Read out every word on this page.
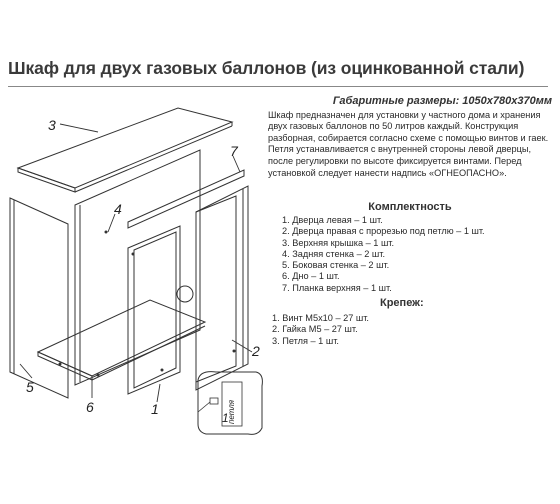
Шкаф для двух газовых баллонов (из оцинкованной стали)
3
4
7
2
5
6	1	петля
1
Габаритные размеры: 1050х780х370мм

Шкаф предназначен для установки у частного дома и хранения двух газовых баллонов по 50 литров каждый. Конструкция разборная, собирается согласно схеме с помощью винтов и гаек. Петля устанавливается с внутренней стороны левой дверцы, после регулировки по высоте фиксируется винтами. Перед установкой следует нанести надпись «ОГНЕОПАСНО».

Комплектность
1. Дверца левая – 1 шт.
2. Дверца правая с прорезью под петлю – 1 шт.
3. Верхняя крышка – 1 шт.
4. Задняя стенка – 2 шт.
5. Боковая стенка – 2 шт.
6. Дно – 1 шт.
7. Планка верхняя – 1 шт.
Крепеж:
1. Винт М5х10 – 27 шт.
2. Гайка М5 – 27 шт.
3. Петля – 1 шт.
